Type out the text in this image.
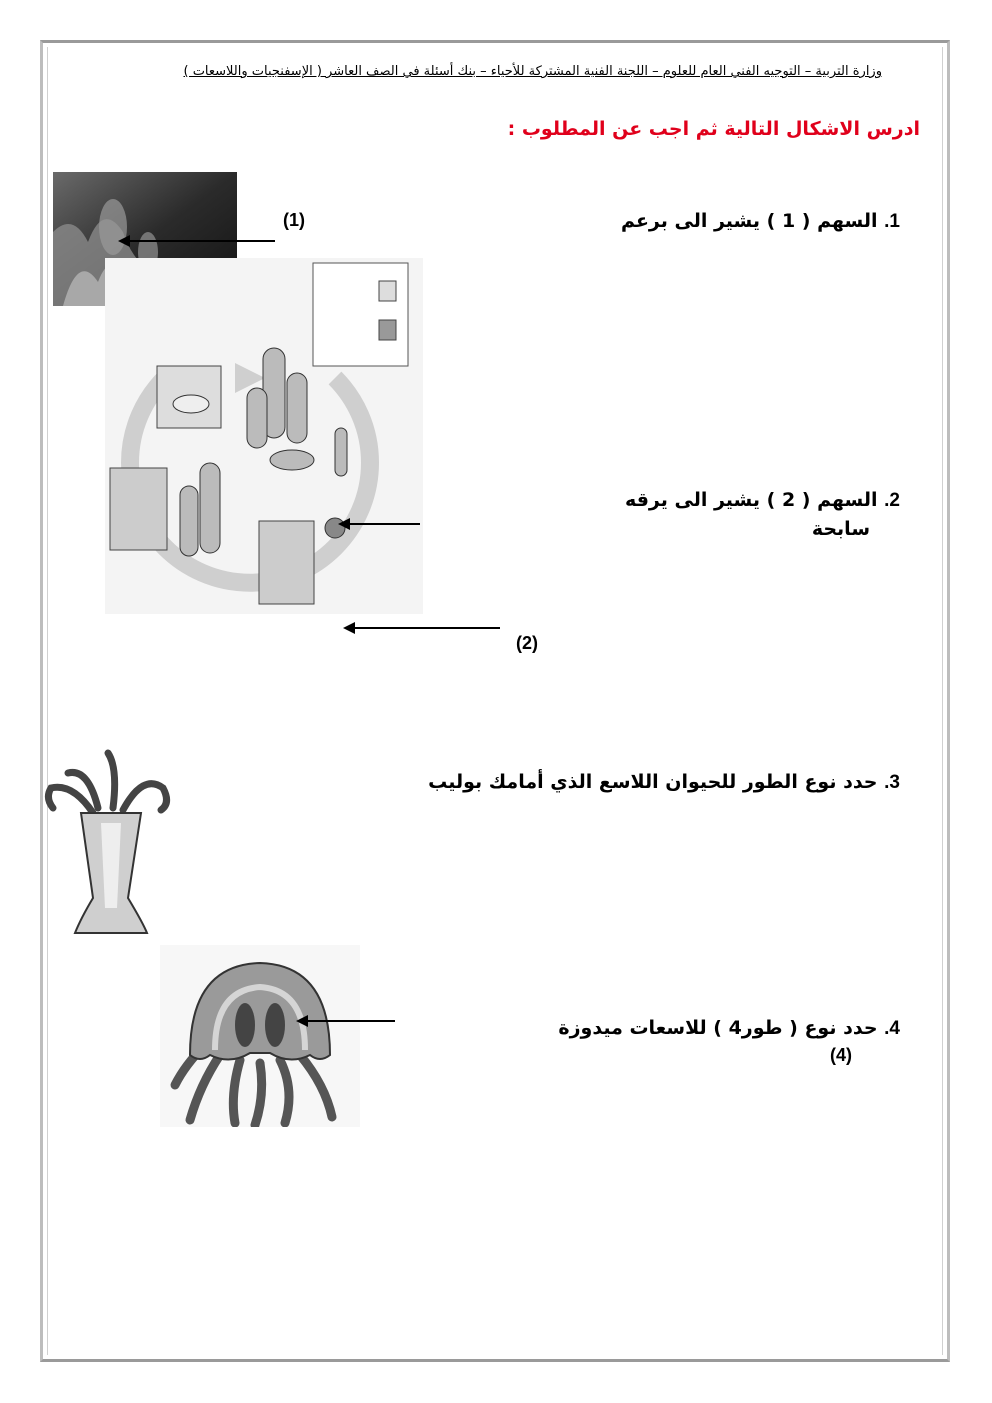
وزارة التربية – التوجيه الفني العام للعلوم – اللجنة الفنية المشتركة للأحياء – بنك أسئلة في الصف العاشر ( الإسفنجيات واللاسعات )
ادرس الاشكال التالية ثم اجب عن المطلوب :
1. السهم ( 1 ) يشير الى برعم
(1)
2. السهم ( 2 ) يشير الى يرقه
سابحة
(2)
3. حدد نوع الطور للحيوان اللاسع الذي أمامك بوليب
4. حدد نوع ( طور4 ) للاسعات ميدوزة
(4)
